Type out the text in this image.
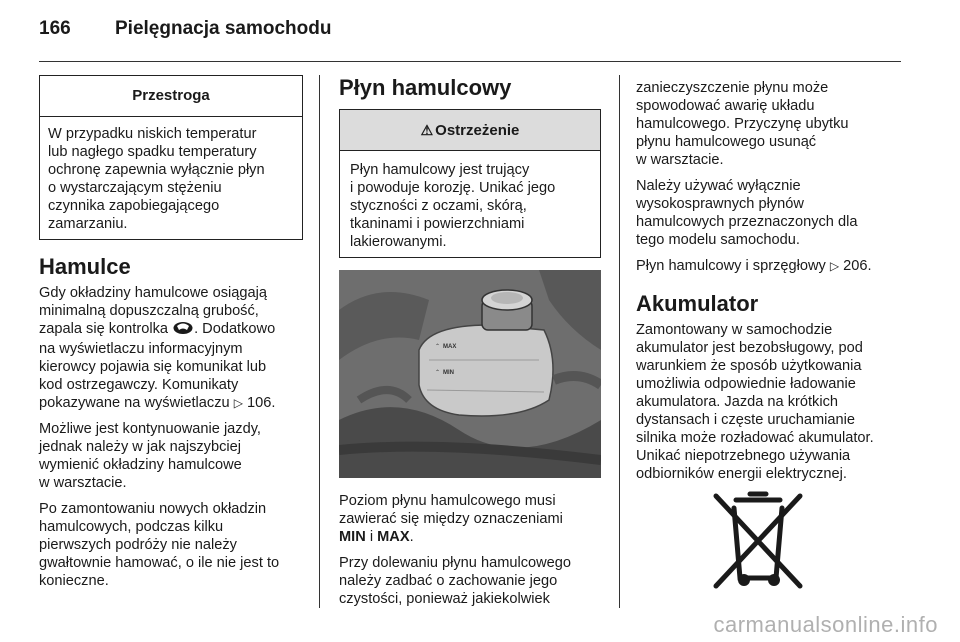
166 Pielęgnacja samochodu
Przestroga
W przypadku niskich temperatur
lub nagłego spadku temperatury
ochronę zapewnia wyłącznie płyn
o wystarczającym stężeniu
czynnika zapobiegającego
zamarzaniu.
Hamulce

Gdy okładziny hamulcowe osiągają
minimalną dopuszczalną grubość,
zapala się kontrolka . Dodatkowo
na wyświetlaczu informacyjnym
kierowcy pojawia się komunikat lub
kod ostrzegawczy. Komunikaty
pokazywane na wyświetlaczu ▷ 106.

Możliwe jest kontynuowanie jazdy,
jednak należy w jak najszybciej
wymienić okładziny hamulcowe
w warsztacie.

Po zamontowaniu nowych okładzin
hamulcowych, podczas kilku
pierwszych podróży nie należy
gwałtownie hamować, o ile nie jest to
konieczne.

Płyn hamulcowy
⚠ Ostrzeżenie
Płyn hamulcowy jest trujący
i powoduje korozję. Unikać jego
styczności z oczami, skórą,
tkaninami i powierzchniami
lakierowanymi.
⌃ MAX
⌃ MIN

Poziom płynu hamulcowego musi
zawierać się między oznaczeniami
MIN i MAX.

Przy dolewaniu płynu hamulcowego
należy zadbać o zachowanie jego
czystości, ponieważ jakiekolwiek

zanieczyszczenie płynu może
spowodować awarię układu
hamulcowego. Przyczynę ubytku
płynu hamulcowego usunąć
w warsztacie.

Należy używać wyłącznie
wysokosprawnych płynów
hamulcowych przeznaczonych dla
tego modelu samochodu.

Płyn hamulcowy i sprzęgłowy ▷ 206.

Akumulator

Zamontowany w samochodzie
akumulator jest bezobsługowy, pod
warunkiem że sposób użytkowania
umożliwia odpowiednie ładowanie
akumulatora. Jazda na krótkich
dystansach i częste uruchamianie
silnika może rozładować akumulator.
Unikać niepotrzebnego używania
odbiorników energii elektrycznej.

carmanualsonline.info
